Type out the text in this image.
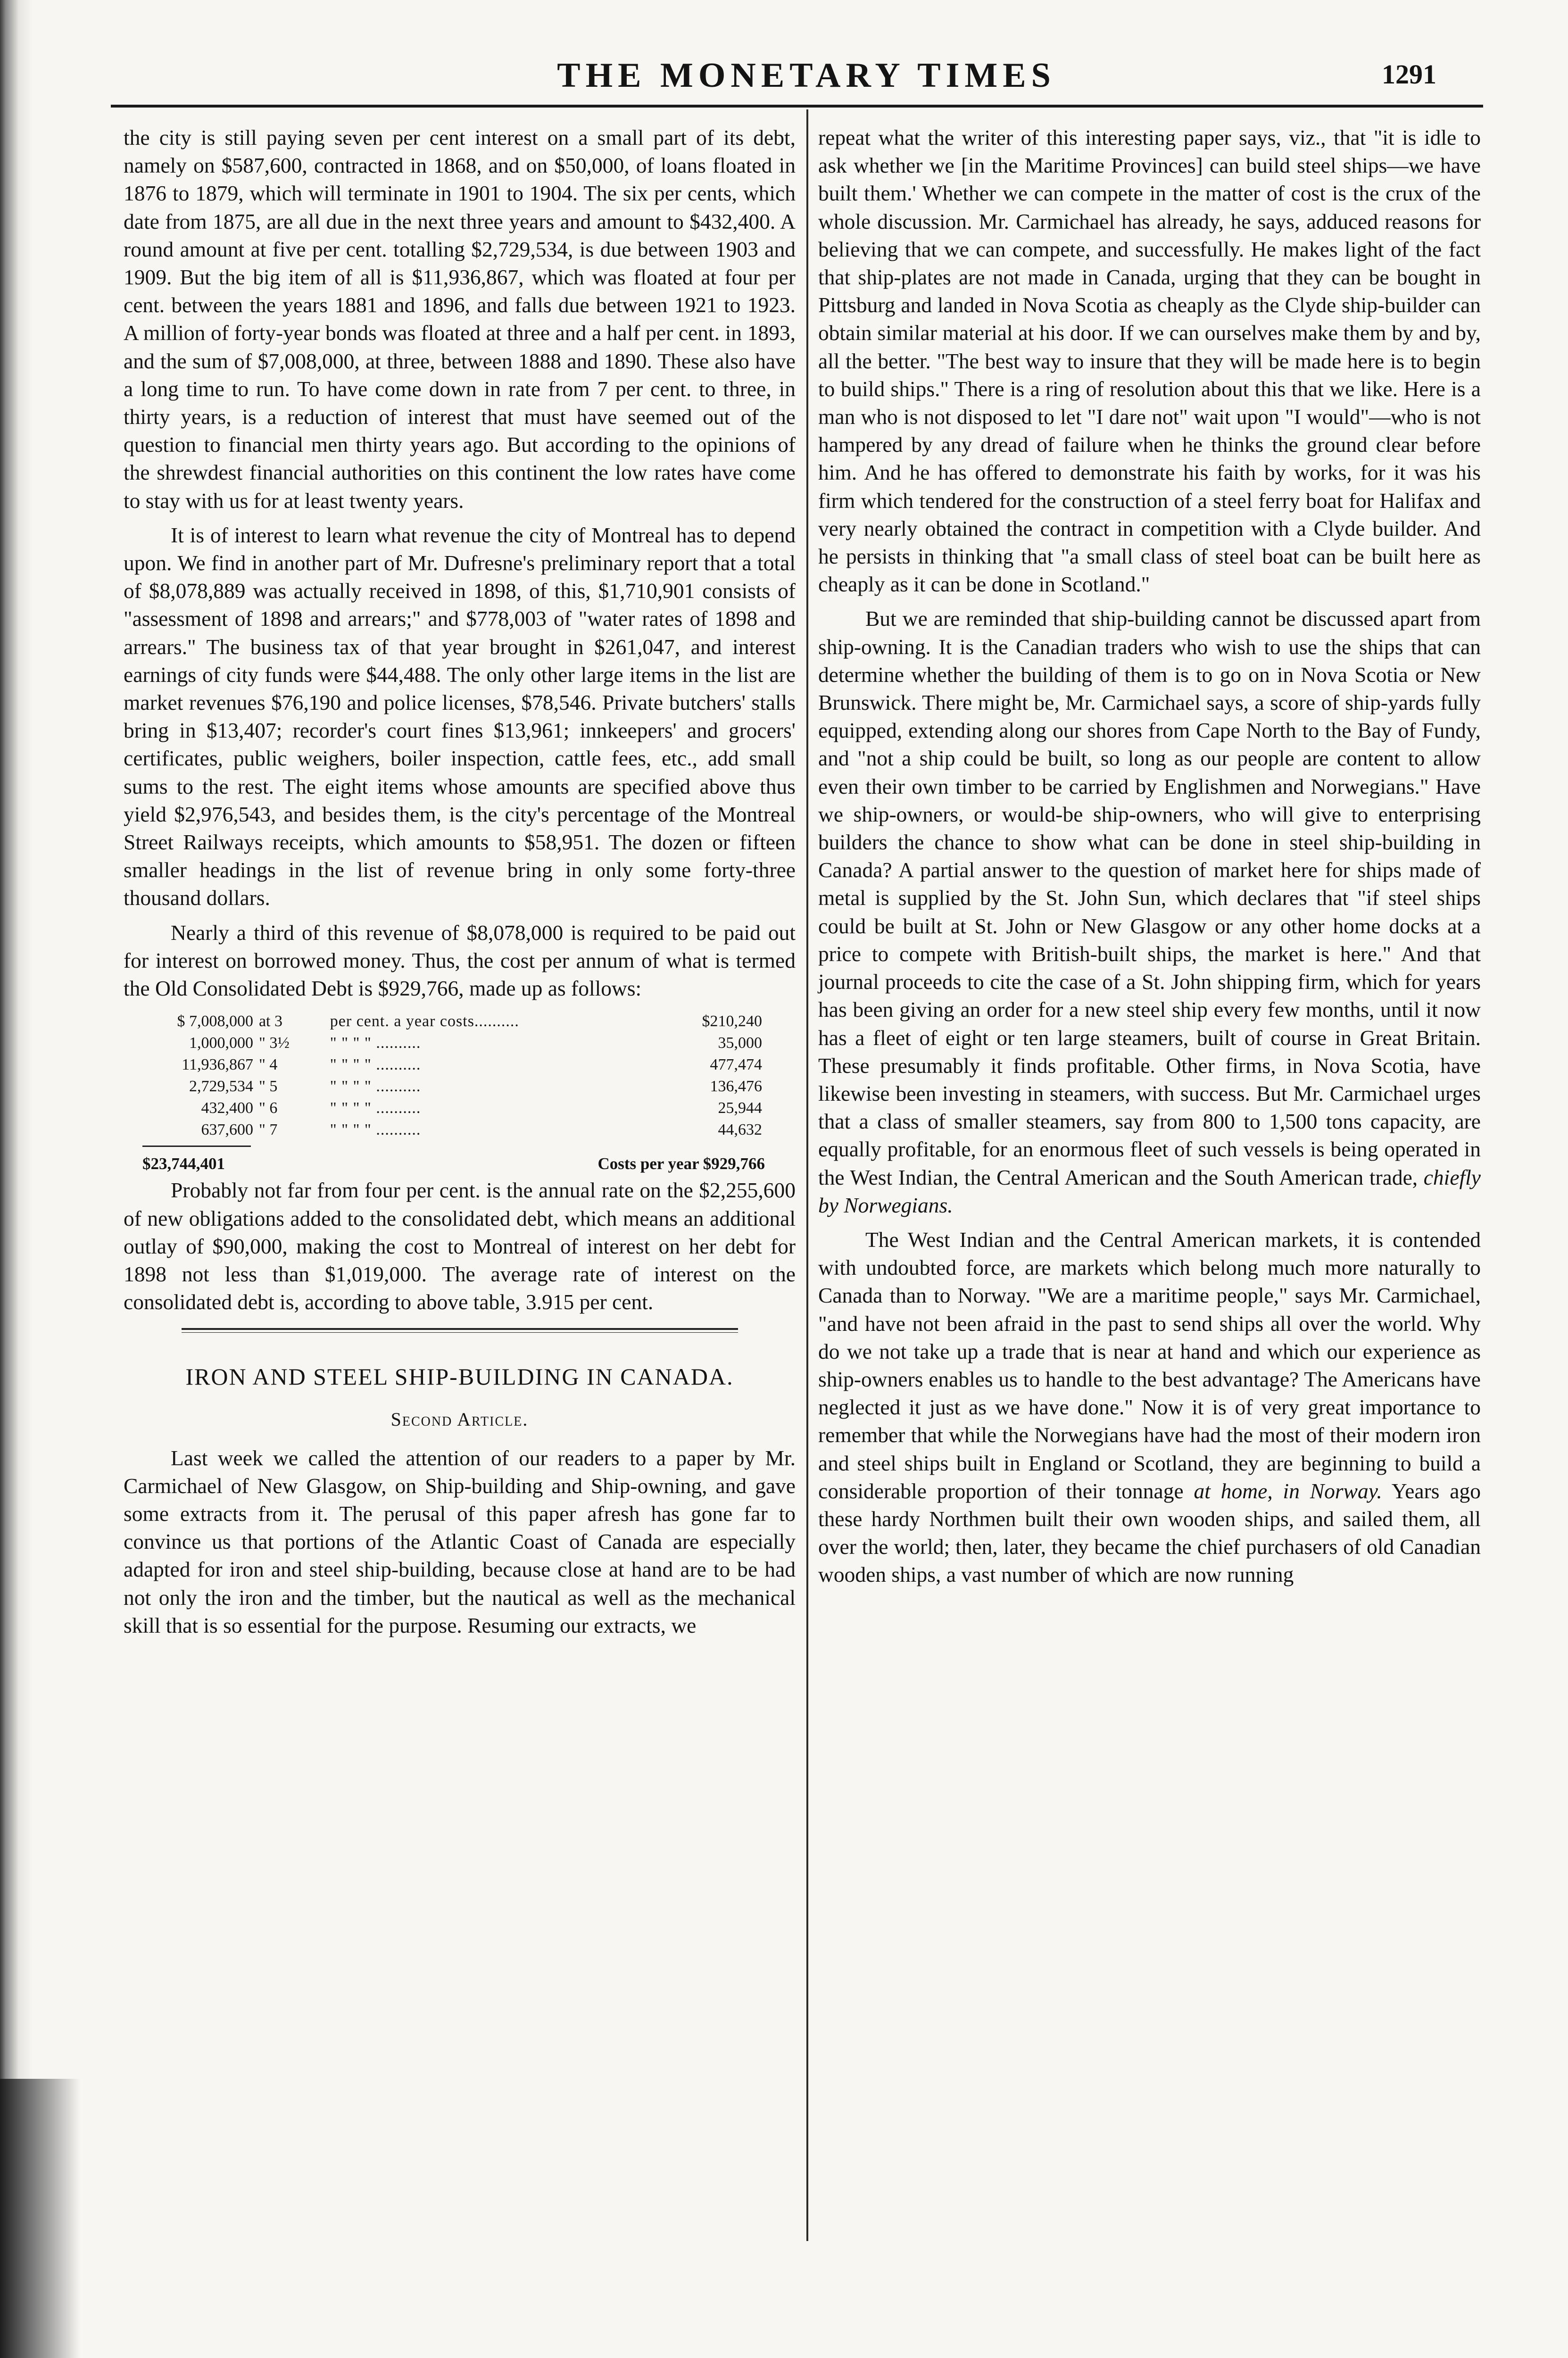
THE MONETARY TIMES	1291

the city is still paying seven per cent interest on a small part of its debt, namely on $587,600, contracted in 1868, and on $50,000, of loans floated in 1876 to 1879, which will terminate in 1901 to 1904. The six per cents, which date from 1875, are all due in the next three years and amount to $432,400. A round amount at five per cent. totalling $2,729,534, is due between 1903 and 1909. But the big item of all is $11,936,867, which was floated at four per cent. between the years 1881 and 1896, and falls due between 1921 to 1923. A million of forty-year bonds was floated at three and a half per cent. in 1893, and the sum of $7,008,000, at three, between 1888 and 1890. These also have a long time to run. To have come down in rate from 7 per cent. to three, in thirty years, is a reduction of interest that must have seemed out of the question to financial men thirty years ago. But according to the opinions of the shrewdest financial authorities on this continent the low rates have come to stay with us for at least twenty years.

It is of interest to learn what revenue the city of Montreal has to depend upon. We find in another part of Mr. Dufresne's preliminary report that a total of $8,078,889 was actually received in 1898, of this, $1,710,901 consists of "assessment of 1898 and arrears;" and $778,003 of "water rates of 1898 and arrears." The business tax of that year brought in $261,047, and interest earnings of city funds were $44,488. The only other large items in the list are market revenues $76,190 and police licenses, $78,546. Private butchers' stalls bring in $13,407; recorder's court fines $13,961; innkeepers' and grocers' certificates, public weighers, boiler inspection, cattle fees, etc., add small sums to the rest. The eight items whose amounts are specified above thus yield $2,976,543, and besides them, is the city's percentage of the Montreal Street Railways receipts, which amounts to $58,951. The dozen or fifteen smaller headings in the list of revenue bring in only some forty-three thousand dollars.

Nearly a third of this revenue of $8,078,000 is required to be paid out for interest on borrowed money. Thus, the cost per annum of what is termed the Old Consolidated Debt is $929,766, made up as follows:

$ 7,008,000	at 3	per cent. a year costs..........	$210,240
1,000,000	" 3½	" " " " ..........	35,000
11,936,867	" 4	" " " " ..........	477,474
2,729,534	" 5	" " " " ..........	136,476
432,400	" 6	" " " " ..........	25,944
637,600	" 7	" " " " ..........	44,632
$23,744,401	Costs per year $929,766

Probably not far from four per cent. is the annual rate on the $2,255,600 of new obligations added to the consolidated debt, which means an additional outlay of $90,000, making the cost to Montreal of interest on her debt for 1898 not less than $1,019,000. The average rate of interest on the consolidated debt is, according to above table, 3.915 per cent.

IRON AND STEEL SHIP-BUILDING IN CANADA.
Second Article.

Last week we called the attention of our readers to a paper by Mr. Carmichael of New Glasgow, on Ship-building and Ship-owning, and gave some extracts from it. The perusal of this paper afresh has gone far to convince us that portions of the Atlantic Coast of Canada are especially adapted for iron and steel ship-building, because close at hand are to be had not only the iron and the timber, but the nautical as well as the mechanical skill that is so essential for the purpose. Resuming our extracts, we

repeat what the writer of this interesting paper says, viz., that "it is idle to ask whether we [in the Maritime Provinces] can build steel ships—we have built them.' Whether we can compete in the matter of cost is the crux of the whole discussion. Mr. Carmichael has already, he says, adduced reasons for believing that we can compete, and successfully. He makes light of the fact that ship-plates are not made in Canada, urging that they can be bought in Pittsburg and landed in Nova Scotia as cheaply as the Clyde ship-builder can obtain similar material at his door. If we can ourselves make them by and by, all the better. "The best way to insure that they will be made here is to begin to build ships." There is a ring of resolution about this that we like. Here is a man who is not disposed to let "I dare not" wait upon "I would"—who is not hampered by any dread of failure when he thinks the ground clear before him. And he has offered to demonstrate his faith by works, for it was his firm which tendered for the construction of a steel ferry boat for Halifax and very nearly obtained the contract in competition with a Clyde builder. And he persists in thinking that "a small class of steel boat can be built here as cheaply as it can be done in Scotland."

But we are reminded that ship-building cannot be discussed apart from ship-owning. It is the Canadian traders who wish to use the ships that can determine whether the building of them is to go on in Nova Scotia or New Brunswick. There might be, Mr. Carmichael says, a score of ship-yards fully equipped, extending along our shores from Cape North to the Bay of Fundy, and "not a ship could be built, so long as our people are content to allow even their own timber to be carried by Englishmen and Norwegians." Have we ship-owners, or would-be ship-owners, who will give to enterprising builders the chance to show what can be done in steel ship-building in Canada? A partial answer to the question of market here for ships made of metal is supplied by the St. John Sun, which declares that "if steel ships could be built at St. John or New Glasgow or any other home docks at a price to compete with British-built ships, the market is here." And that journal proceeds to cite the case of a St. John shipping firm, which for years has been giving an order for a new steel ship every few months, until it now has a fleet of eight or ten large steamers, built of course in Great Britain. These presumably it finds profitable. Other firms, in Nova Scotia, have likewise been investing in steamers, with success. But Mr. Carmichael urges that a class of smaller steamers, say from 800 to 1,500 tons capacity, are equally profitable, for an enormous fleet of such vessels is being operated in the West Indian, the Central American and the South American trade, chiefly by Norwegians.

The West Indian and the Central American markets, it is contended with undoubted force, are markets which belong much more naturally to Canada than to Norway. "We are a maritime people," says Mr. Carmichael, "and have not been afraid in the past to send ships all over the world. Why do we not take up a trade that is near at hand and which our experience as ship-owners enables us to handle to the best advantage? The Americans have neglected it just as we have done." Now it is of very great importance to remember that while the Norwegians have had the most of their modern iron and steel ships built in England or Scotland, they are beginning to build a considerable proportion of their tonnage at home, in Norway. Years ago these hardy Northmen built their own wooden ships, and sailed them, all over the world; then, later, they became the chief purchasers of old Canadian wooden ships, a vast number of which are now running
